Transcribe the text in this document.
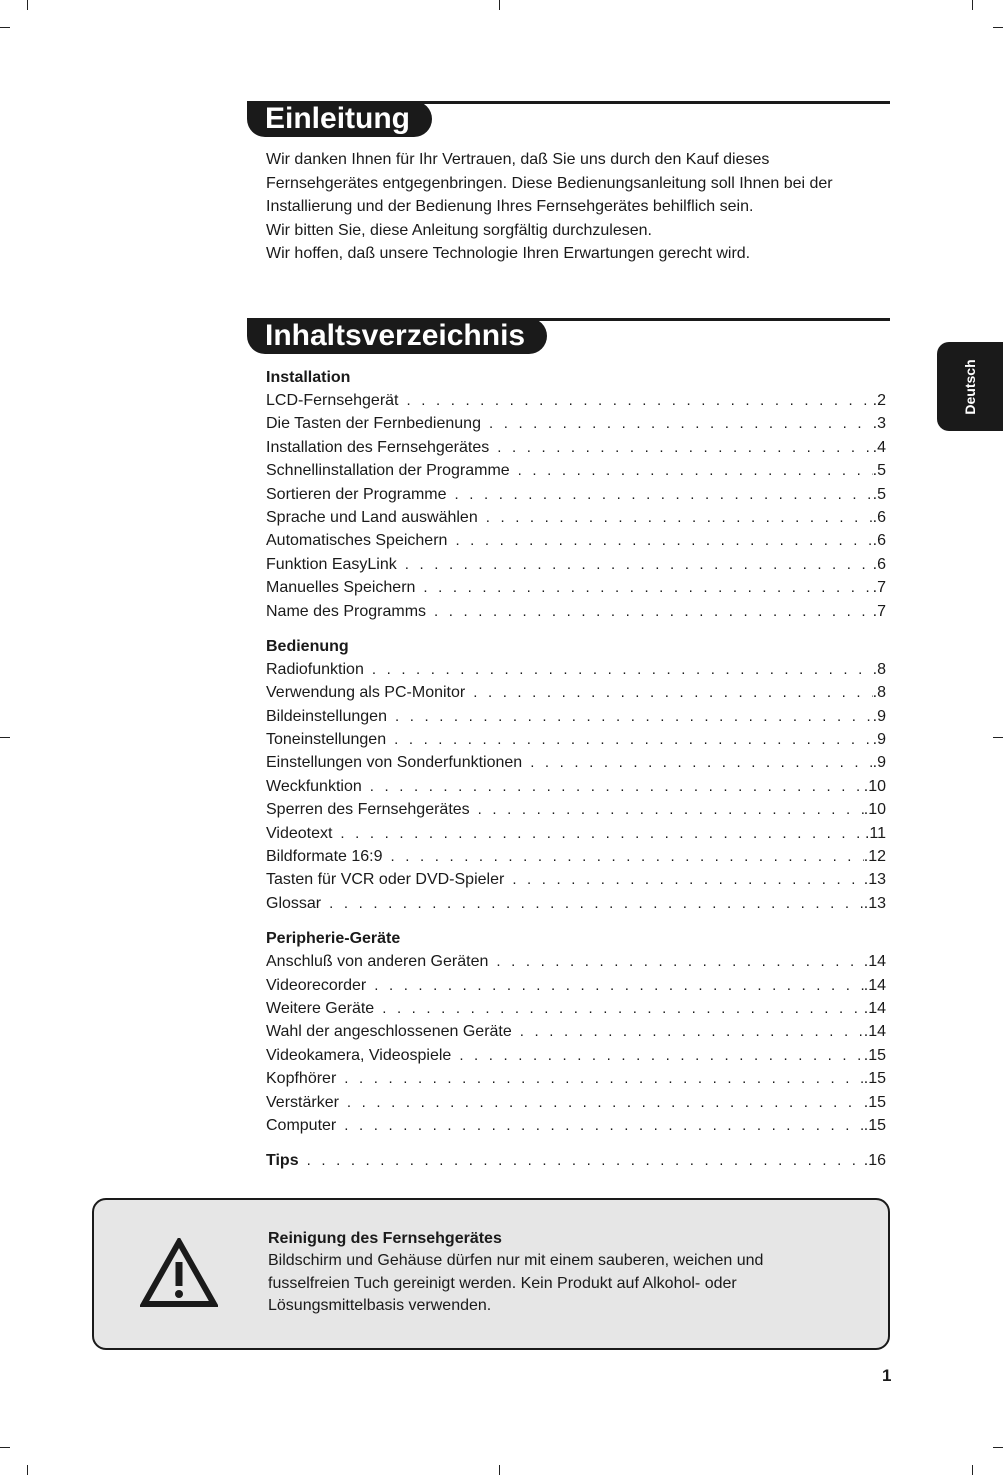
Einleitung

Wir danken Ihnen für Ihr Vertrauen, daß Sie uns durch den Kauf dieses

Fernsehgerätes entgegenbringen. Diese Bedienungsanleitung soll Ihnen bei der

Installierung und der Bedienung Ihres Fernsehgerätes behilflich sein.

Wir bitten Sie, diese Anleitung sorgfältig durchzulesen.

Wir hoffen, daß unsere Technologie Ihren Erwartungen gerecht wird.

Inhaltsverzeichnis
Installation
LCD-Fernsehgerät . . .	.2
Die Tasten der Fernbedienung . . .	.3
Installation des Fernsehgerätes . . .	.4
Schnellinstallation der Programme . . .	.5
Sortieren der Programme . . .	.5
Sprache und Land auswählen . . .	.6
Automatisches Speichern . . .	.6
Funktion EasyLink . . .	.6
Manuelles Speichern . . .	.7
Name des Programms . . .	.7
Bedienung
Radiofunktion . . .	.8
Verwendung als PC-Monitor . . .	.8
Bildeinstellungen . . .	.9
Toneinstellungen . . .	.9
Einstellungen von Sonderfunktionen . . .	.9
Weckfunktion . . .	.10
Sperren des Fernsehgerätes . . .	.10
Videotext . . .	.11
Bildformate 16:9 . . .	.12
Tasten für VCR oder DVD-Spieler . . .	.13
Glossar . . .	.13
Peripherie-Geräte
Anschluß von anderen Geräten . . .	.14
Videorecorder . . .	.14
Weitere Geräte . . .	.14
Wahl der angeschlossenen Geräte . . .	.14
Videokamera, Videospiele . . .	.15
Kopfhörer . . .	.15
Verstärker . . .	.15
Computer . . .	.15
Tips . . .	.16
Deutsch
Reinigung des Fernsehgerätes
Bildschirm und Gehäuse dürfen nur mit einem sauberen, weichen und
fusselfreien Tuch gereinigt werden. Kein Produkt auf Alkohol- oder
Lösungsmittelbasis verwenden.
1
